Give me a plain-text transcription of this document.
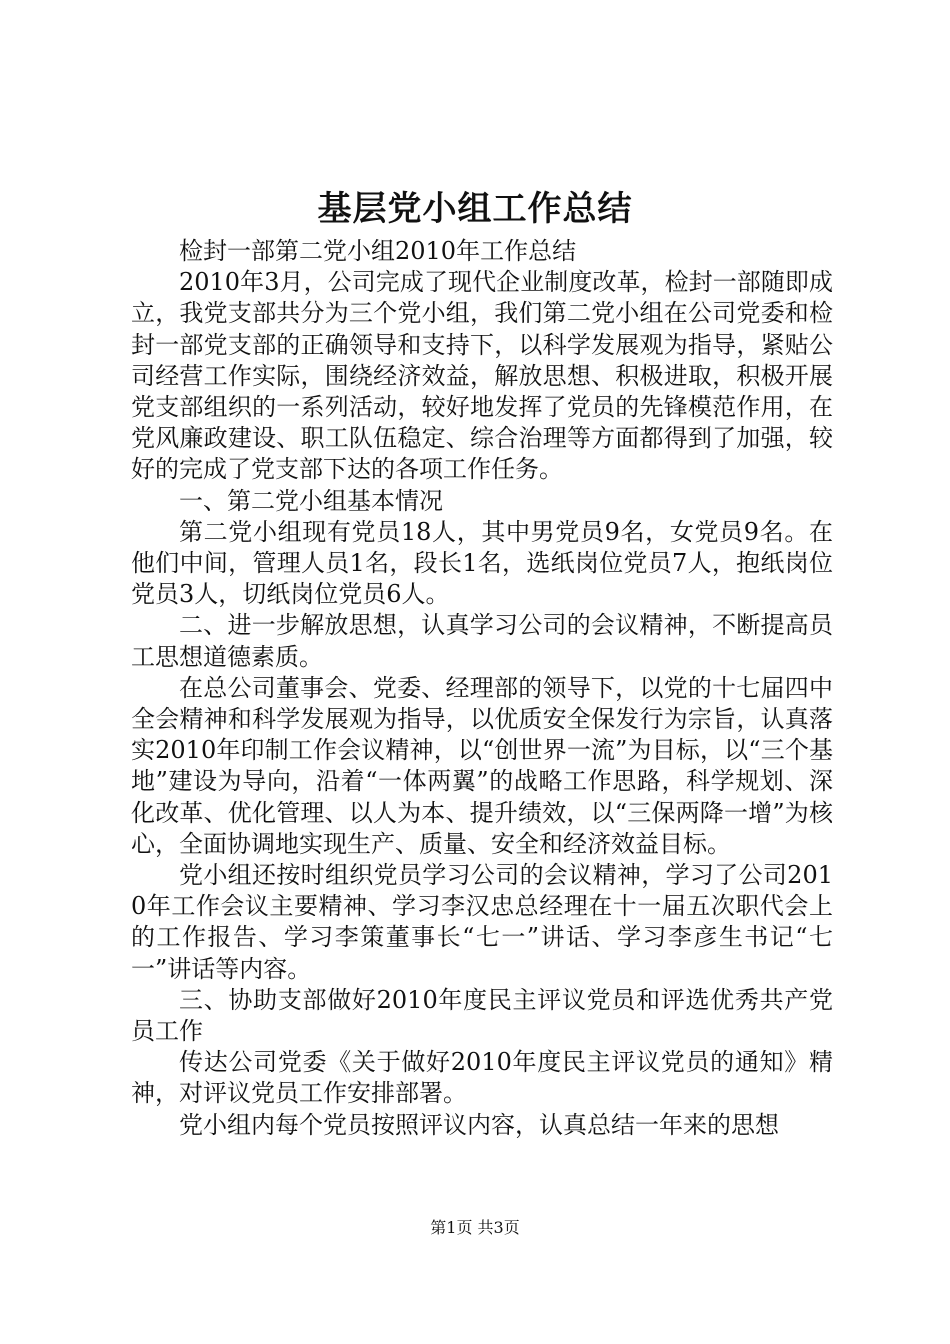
基层党小组工作总结

检封一部第二党小组2010年工作总结

2010年3月，公司完成了现代企业制度改革，检封一部随即成立，我党支部共分为三个党小组，我们第二党小组在公司党委和检封一部党支部的正确领导和支持下，以科学发展观为指导，紧贴公司经营工作实际，围绕经济效益，解放思想、积极进取，积极开展党支部组织的一系列活动，较好地发挥了党员的先锋模范作用，在党风廉政建设、职工队伍稳定、综合治理等方面都得到了加强，较好的完成了党支部下达的各项工作任务。

一、第二党小组基本情况

第二党小组现有党员18人，其中男党员9名，女党员9名。在他们中间，管理人员1名，段长1名，选纸岗位党员7人，抱纸岗位党员3人，切纸岗位党员6人。

二、进一步解放思想，认真学习公司的会议精神，不断提高员工思想道德素质。

在总公司董事会、党委、经理部的领导下，以党的十七届四中全会精神和科学发展观为指导，以优质安全保发行为宗旨，认真落实2010年印制工作会议精神，以“创世界一流”为目标，以“三个基地”建设为导向，沿着“一体两翼”的战略工作思路，科学规划、深化改革、优化管理、以人为本、提升绩效，以“三保两降一增”为核心，全面协调地实现生产、质量、安全和经济效益目标。

党小组还按时组织党员学习公司的会议精神，学习了公司2010年工作会议主要精神、学习李汉忠总经理在十一届五次职代会上的工作报告、学习李策董事长“七一”讲话、学习李彦生书记“七一”讲话等内容。

三、协助支部做好2010年度民主评议党员和评选优秀共产党员工作

传达公司党委《关于做好2010年度民主评议党员的通知》精神，对评议党员工作安排部署。

党小组内每个党员按照评议内容，认真总结一年来的思想

第1页 共3页
